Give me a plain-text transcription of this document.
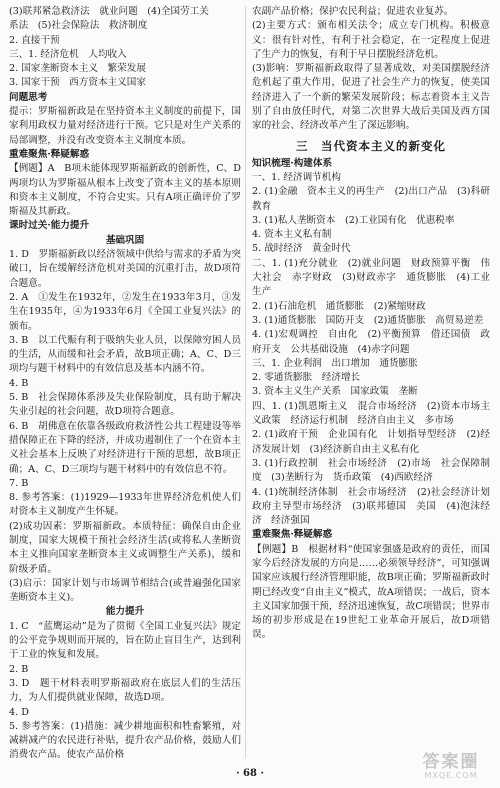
(3)联邦紧急救济法　就业问题　(4)全国劳工关

系法　(5)社会保险法　救济制度

2. 直接干预

三、1. 经济危机　人均收入

2. 国家垄断资本主义　繁荣发展

3. 国家干预　西方资本主义国家

问题思考

提示：罗斯福新政是在坚持资本主义制度的前提下，国家利用政权力量对经济进行干预。它只是对生产关系的局部调整，并没有改变资本主义制度本质。

重难聚焦·释疑解惑

【例题】A　B项未能体现罗斯福新政的创新性，C、D两项均认为罗斯福从根本上改变了资本主义的基本原则和资本主义制度，不符合史实。只有A项正确评价了罗斯福及其新政。

课时过关·能力提升

基础巩固

1. D　罗斯福新政以经济领域中供给与需求的矛盾为突破口，旨在缓解经济危机对美国的沉重打击，故D项符合题意。

2. A　①发生在1932年，②发生在1933年3月，③发生在1935年，④为1933年6月《全国工业复兴法》的颁布。

3. B　以工代赈有利于吸纳失业人员，以保障穷困人员的生活，从而缓和社会矛盾，故B项正确；A、C、D三项均与题干材料中的有效信息及基本内涵不符。

4. B

5. B　社会保障体系涉及失业保险制度，具有助于解决失业引起的社会问题，故D项符合题意。

6. B　胡佛意在依靠各级政府救济性公共工程建设等举措保障正在下降的经济，并成功遏制住了一个在资本主义社会基本上反映了对经济进行干预的思想，故B项正确；A、C、D三项均与题干材料中的有效信息不符。

7. B

8. 参考答案：(1)1929—1933年世界经济危机使人们对资本主义制度产生怀疑。

(2)成功因素：罗斯福新政。本质特征：确保自由企业制度，国家大规模干预社会经济生活(或将私人垄断资本主义推向国家垄断资本主义或调整生产关系)，缓和阶级矛盾。

(3)启示：国家计划与市场调节相结合(或普遍强化国家垄断资本主义)。

能力提升

1. C　“蓝鹰运动”是为了贯彻《全国工业复兴法》规定的公平竞争规则而开展的，旨在防止盲目生产，达到利于工业的恢复和发展。

2. B

3. D　题干材料表明罗斯福政府在底层人们的生活压力，为人们提供就业保障，故选D项。

4. D

5. 参考答案：(1)措施：减少耕地面积和牲畜繁殖，对减耕减产的农民进行补贴，提升农产品价格，鼓励人们消费农产品。使农产品价格

农副产品价格；保护农民利益；促进农业复苏。

(2)主要方式：颁布相关法令；成立专门机构。积极意义：很有针对性，有利于社会稳定，在一定程度上促进了生产力的恢复，有利于早日摆脱经济危机。

(3)影响：罗斯福新政取得了显著成效，对美国摆脱经济危机起了重大作用，促进了社会生产力的恢复，使美国经济进入了一个新的繁荣发展阶段；标志着资本主义告别了自由放任时代，对第二次世界大战后美国及西方国家的社会、经济改革产生了深远影响。

三　当代资本主义的新变化

知识梳理·构建体系

一、1. 经济调节机构

2. (1)金融　资本主义的再生产　(2)出口产品　(3)科研　教育

3. (1)私人垄断资本　(2)工业国有化　优惠税率

4. 资本主义私有制

5. 战时经济　黄金时代

二、1. (1)充分就业　(2)就业问题　财政预算平衡　伟大社会　赤字财政　(3)财政赤字　通货膨胀　(4)工业生产

2. (1)石油危机　通货膨胀　(2)紧缩财政

3. (1)通货膨胀　国防开支　(2)通货膨胀　高贸易逆差

4. (1)宏观调控　自由化　(2)平衡预算　借还国债　政府开支　公共基础设施　(4)赤字问题

三、1. 企业利润　出口增加　通货膨胀

2. 零通货膨胀　经济增长

3. 资本主义生产关系　国家政策　垄断

四、1. (1)凯恩斯主义　混合市场经济　(2)资本市场主义政策　经济运行机制　经济自由主义　多市场

2. (1)政府干预　企业国有化　计划指导型经济　(2)经济发展计划　(3)经济新自由主义私有化

3. (1)行政控制　社会市场经济　(2)市场　社会保障制度　(3)垄断行为　货币政策　(4)西欧经济

4. (1)统制经济体制　社会市场经济　(2)社会经济计划　政府主导型市场经济　(3)联邦德国　美国　(4)泡沫经济　经济强国

重难聚焦·释疑解惑

【例题】B　根据材料“使国家强盛是政府的责任，而国家今后经济发展的方向是……必须领导经济”，可知强调国家应该履行经济管理职能，故B项正确；罗斯福新政时期已经改变“自由主义”模式，故A项错误；一战后，资本主义国家加强干预，经济迅速恢复，故C项错误；世界市场的初步形成是在19世纪工业革命开展后，故D项错误。

· 68 ·
答案圈
MXQE.COM
